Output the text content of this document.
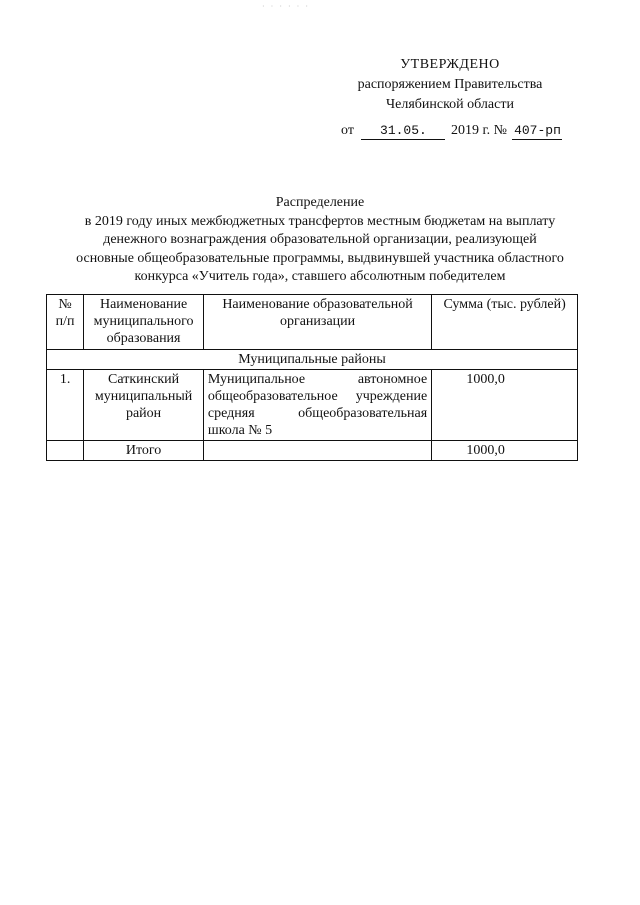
· · · · · ·
УТВЕРЖДЕНО
распоряжением Правительства
Челябинской области
от 31.05. 2019 г. № 407-рп
Распределение
в 2019 году иных межбюджетных трансфертов местным бюджетам на выплату
денежного вознаграждения образовательной организации, реализующей
основные общеобразовательные программы, выдвинувшей участника областного
конкурса «Учитель года», ставшего абсолютным победителем
№ п/п	Наименование муниципального образования	Наименование образовательной организации	Сумма (тыс. рублей)
Муниципальные районы			
1.	Саткинский муниципальный район	Муниципальное автономное общеобразовательное учреждение средняя общеобразовательная школа № 5	1000,0
	Итого		1000,0
